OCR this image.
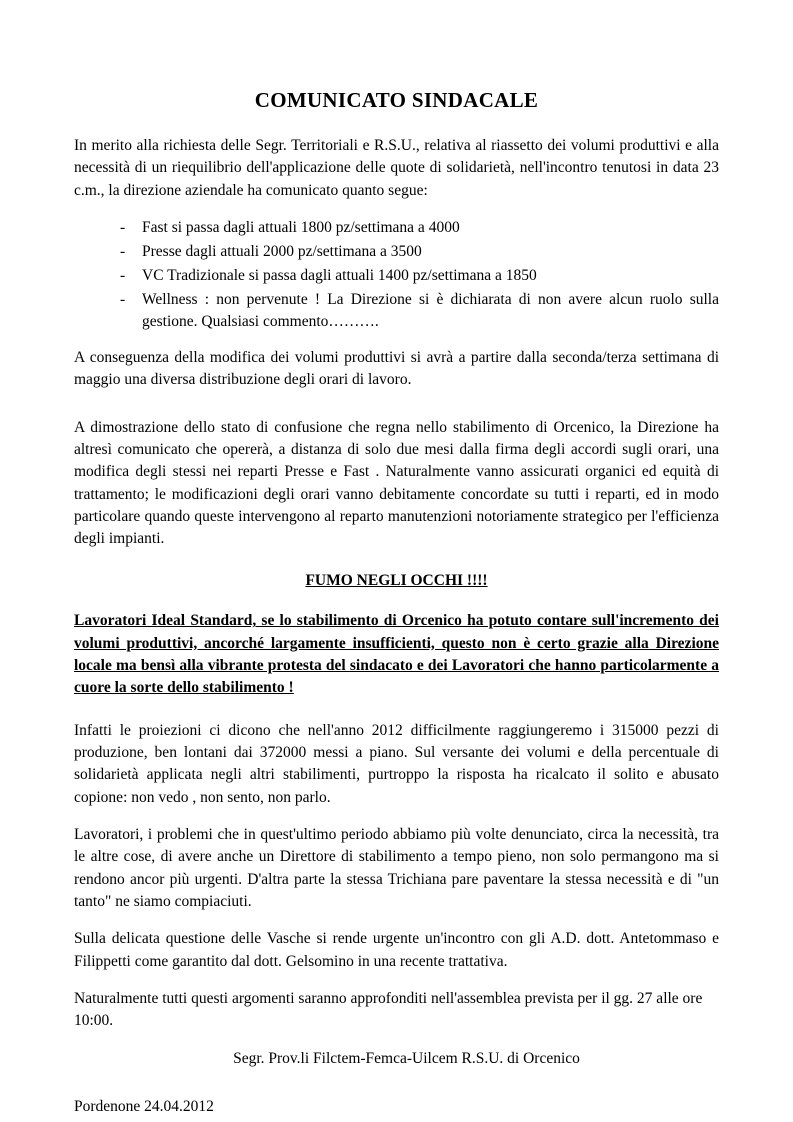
COMUNICATO SINDACALE

In merito alla richiesta delle Segr. Territoriali e R.S.U., relativa al riassetto dei volumi produttivi e alla necessità di un riequilibrio dell'applicazione delle quote di solidarietà, nell'incontro tenutosi in data 23 c.m., la direzione aziendale ha comunicato quanto segue:

- Fast si passa dagli attuali 1800 pz/settimana a 4000
- Presse dagli attuali 2000 pz/settimana a 3500
- VC Tradizionale si passa dagli attuali 1400 pz/settimana a 1850
- Wellness : non pervenute ! La Direzione si è dichiarata di non avere alcun ruolo sulla gestione. Qualsiasi commento……….

A conseguenza della modifica dei volumi produttivi si avrà a partire dalla seconda/terza settimana di maggio una diversa distribuzione degli orari di lavoro.

A dimostrazione dello stato di confusione che regna nello stabilimento di Orcenico, la Direzione ha altresì comunicato che opererà, a distanza di solo due mesi dalla firma degli accordi sugli orari, una modifica degli stessi nei reparti Presse e Fast . Naturalmente vanno assicurati organici ed equità di trattamento; le modificazioni degli orari vanno debitamente concordate su tutti i reparti, ed in modo particolare quando queste intervengono al reparto manutenzioni notoriamente strategico per l'efficienza degli impianti.

FUMO NEGLI OCCHI !!!!
Lavoratori Ideal Standard, se lo stabilimento di Orcenico ha potuto contare sull'incremento dei volumi produttivi, ancorché largamente insufficienti, questo non è certo grazie alla Direzione locale ma bensì alla vibrante protesta del sindacato e dei Lavoratori che hanno particolarmente a cuore la sorte dello stabilimento !

Infatti le proiezioni ci dicono che nell'anno 2012 difficilmente raggiungeremo i 315000 pezzi di produzione, ben lontani dai 372000 messi a piano. Sul versante dei volumi e della percentuale di solidarietà applicata negli altri stabilimenti, purtroppo la risposta ha ricalcato il solito e abusato copione: non vedo , non sento, non parlo.

Lavoratori, i problemi che in quest'ultimo periodo abbiamo più volte denunciato, circa la necessità, tra le altre cose, di avere anche un Direttore di stabilimento a tempo pieno, non solo permangono ma si rendono ancor più urgenti. D'altra parte la stessa Trichiana pare paventare la stessa necessità e di "un tanto" ne siamo compiaciuti.

Sulla delicata questione delle Vasche si rende urgente un'incontro con gli A.D. dott. Antetommaso e Filippetti come garantito dal dott. Gelsomino in una recente trattativa.

Naturalmente tutti questi argomenti saranno approfonditi nell'assemblea prevista per il gg. 27 alle ore 10:00.

Segr. Prov.li Filctem-Femca-Uilcem R.S.U. di Orcenico
Pordenone 24.04.2012
